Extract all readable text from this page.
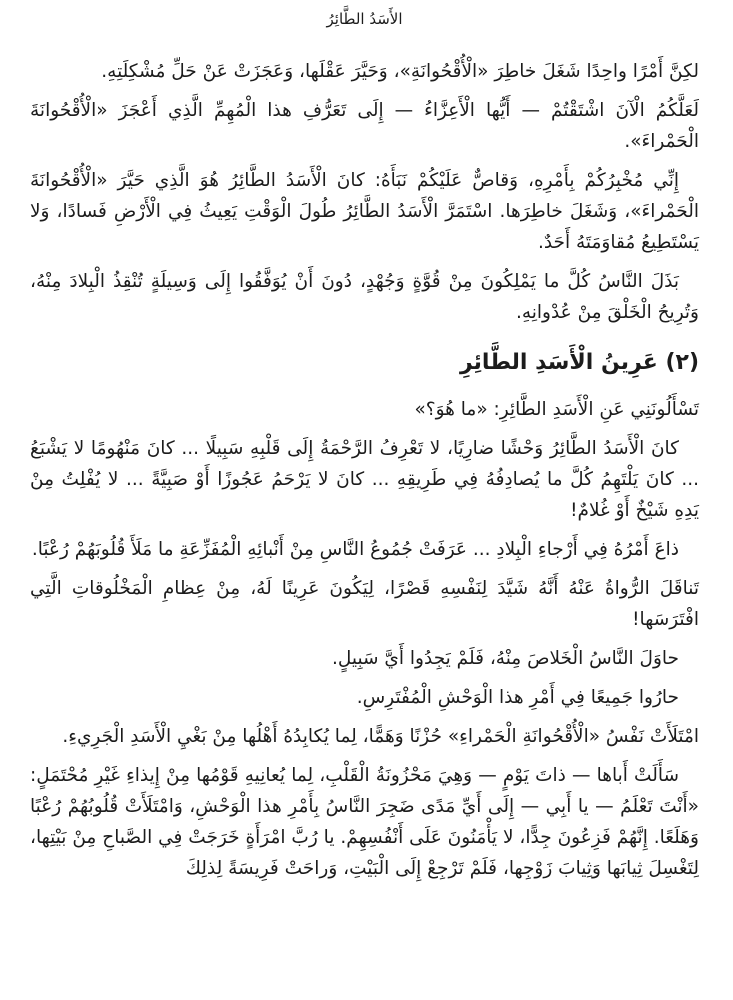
الأَسَدُ الطَّائِرُ

لكِنَّ أَمْرًا واحِدًا شَغَلَ خاطِرَ «الْأُقْحُوانَةِ»، وَحَيَّرَ عَقْلَها، وَعَجَزَتْ عَنْ حَلِّ مُشْكِلَتِهِ.

لَعَلَّكُمُ الْآنَ اشْتَقْتُمْ — أَيُّها الْأَعِزَّاءُ — إِلَى تَعَرُّفِ هذا الْمُهِمِّ الَّذِي أَعْجَزَ «الْأُقْحُوانَةَ الْحَمْراءَ».

إِنِّي مُخْبِرُكُمْ بِأَمْرِهِ، وَقاصٌّ عَلَيْكُمْ نَبَأَهُ: كانَ الْأَسَدُ الطَّائِرُ هُوَ الَّذِي حَيَّرَ «الْأُقْحُوانَةَ الْحَمْراءَ»، وَشَغَلَ خاطِرَها. اسْتَمَرَّ الْأَسَدُ الطَّائِرُ طُولَ الْوَقْتِ يَعِيثُ فِي الْأَرْضِ فَسادًا، وَلا يَسْتَطِيعُ مُقاوَمَتَهُ أَحَدٌ.

بَذَلَ النَّاسُ كُلَّ ما يَمْلِكُونَ مِنْ قُوَّةٍ وَجُهْدٍ، دُونَ أَنْ يُوَفَّقُوا إِلَى وَسِيلَةٍ تُنْقِذُ الْبِلادَ مِنْهُ، وَتُرِيحُ الْخَلْقَ مِنْ عُدْوانِهِ.

(٢) عَرِينُ الْأَسَدِ الطَّائِرِ

تَسْأَلُونَنِي عَنِ الْأَسَدِ الطَّائِرِ: «ما هُوَ؟»

كانَ الْأَسَدُ الطَّائِرُ وَحْشًا ضارِيًا، لا تَعْرِفُ الرَّحْمَةُ إِلَى قَلْبِهِ سَبِيلًا ... كانَ مَنْهُومًا لا يَشْبَعُ ... كانَ يَلْتَهِمُ كُلَّ ما يُصادِفُهُ فِي طَرِيقِهِ ... كانَ لا يَرْحَمُ عَجُوزًا أَوْ صَبِيَّةً ... لا يُفْلِتُ مِنْ يَدِهِ شَيْخٌ أَوْ غُلامٌ!

ذاعَ أَمْرُهُ فِي أَرْجاءِ الْبِلادِ ... عَرَفَتْ جُمُوعُ النَّاسِ مِنْ أَنْبائِهِ الْمُفَزِّعَةِ ما مَلَأَ قُلُوبَهُمْ رُعْبًا.

تَناقَلَ الرُّواةُ عَنْهُ أَنَّهُ شَيَّدَ لِنَفْسِهِ قَصْرًا، لِيَكُونَ عَرِينًا لَهُ، مِنْ عِظامِ الْمَخْلُوقاتِ الَّتِي افْتَرَسَها!

حاوَلَ النَّاسُ الْخَلاصَ مِنْهُ، فَلَمْ يَجِدُوا أَيَّ سَبِيلٍ.

حارُوا جَمِيعًا فِي أَمْرِ هذا الْوَحْشِ الْمُفْتَرِسِ.

امْتَلَأَتْ نَفْسُ «الْأُقْحُوانَةِ الْحَمْراءِ» حُزْنًا وَهَمًّا، لِما يُكابِدُهُ أَهْلُها مِنْ بَغْيِ الْأَسَدِ الْجَرِيءِ.

سَأَلَتْ أَباها — ذاتَ يَوْمٍ — وَهِيَ مَحْزُونَةُ الْقَلْبِ، لِما يُعانِيهِ قَوْمُها مِنْ إِيذاءِ غَيْرِ مُحْتَمَلٍ: «أَنْتَ تَعْلَمُ — يا أَبِي — إِلَى أَيِّ مَدًى ضَجِرَ النَّاسُ بِأَمْرِ هذا الْوَحْشِ، وَامْتَلَأَتْ قُلُوبُهُمْ رُعْبًا وَهَلَعًا. إِنَّهُمْ فَزِعُونَ جِدًّا، لا يَأْمَنُونَ عَلَى أَنْفُسِهِمْ. يا رُبَّ امْرَأَةٍ خَرَجَتْ فِي الصَّباحِ مِنْ بَيْتِها، لِتَغْسِلَ ثِيابَها وَثِيابَ زَوْجِها، فَلَمْ تَرْجِعْ إِلَى الْبَيْتِ، وَراحَتْ فَرِيسَةً لِذلِكَ
